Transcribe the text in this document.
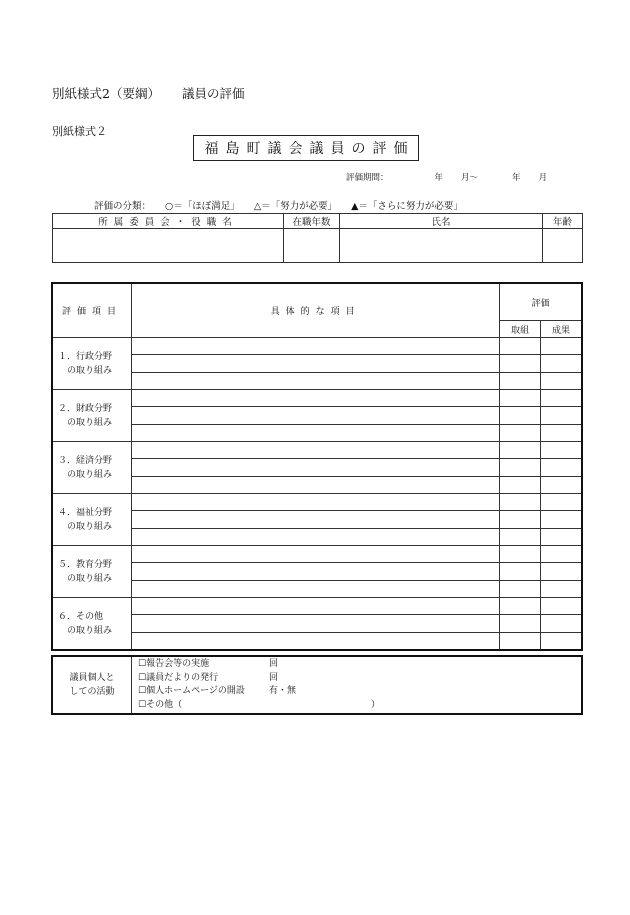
別紙様式2（要綱） 議員の評価
別紙様式２
福島町議会議員の評価
評価期間：	年 月〜	年 月
評価の分類： ○＝「ほぼ満足」 △＝「努力が必要」 ▲＝「さらに努力が必要」
所属委員会・役職名	在職年数	氏名	年齢

評価項目	具体的な項目	評価	
		取組	成果

１．行政分野
の取り組み			

２．財政分野
の取り組み			

３．経済分野
の取り組み			

４．福祉分野
の取り組み			

５．教育分野
の取り組み			

６．その他
の取り組み			

議員個人と
しての活動

☐報告会等の実施	回
☐議員だよりの発行	回
☐個人ホームページの開設	有・無
☐その他（	）
